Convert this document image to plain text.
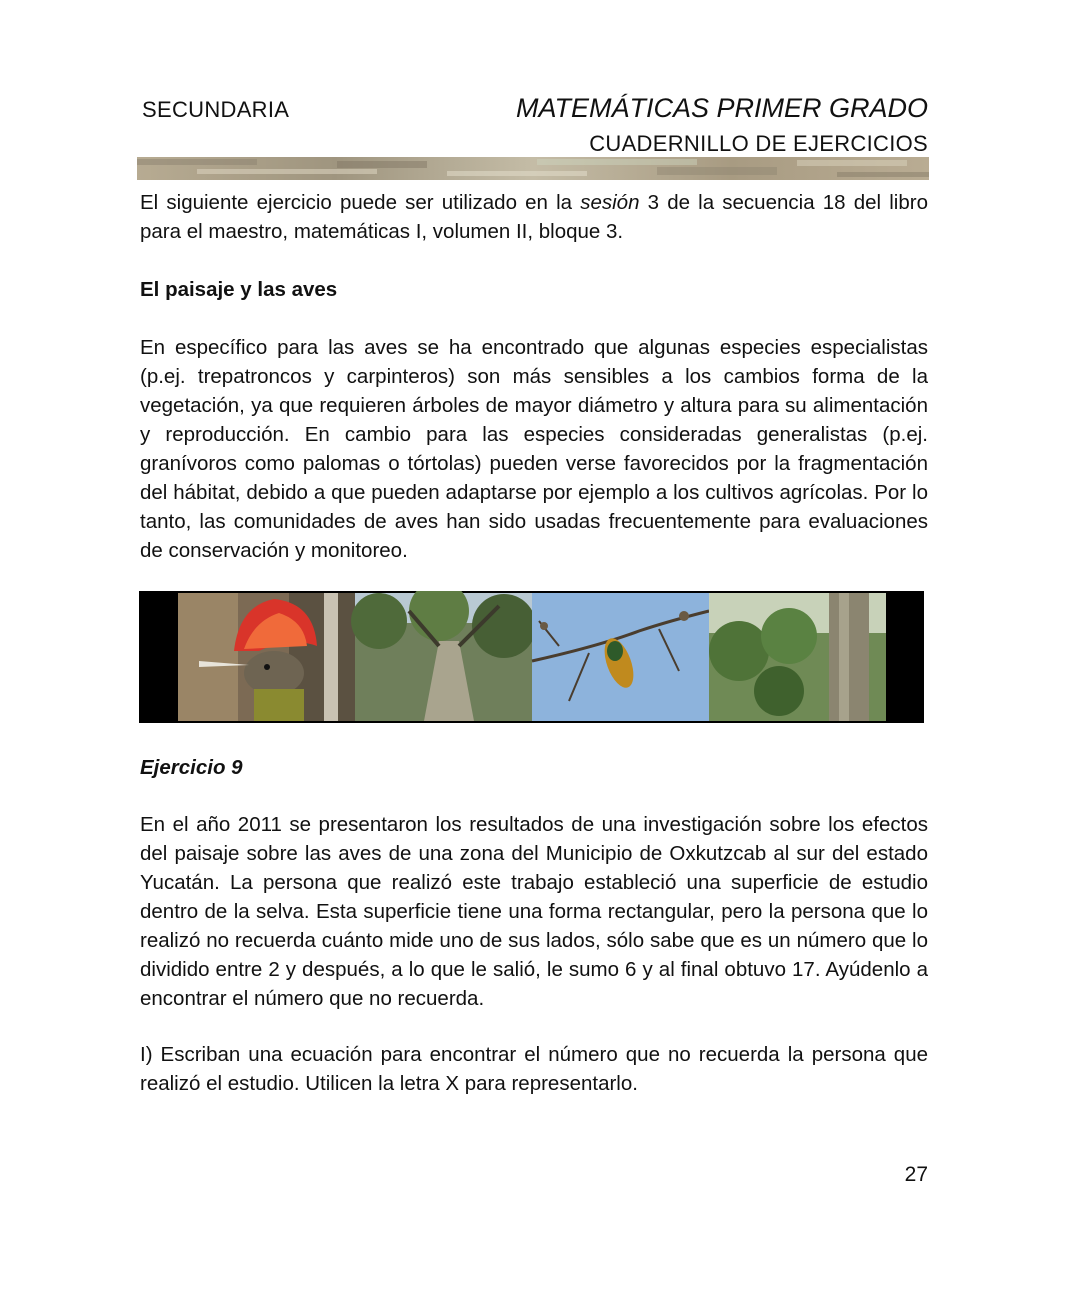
SECUNDARIA	MATEMÁTICAS PRIMER GRADO
CUADERNILLO DE EJERCICIOS
El siguiente ejercicio puede ser utilizado en la sesión 3 de la secuencia 18 del libro para el maestro, matemáticas I, volumen II, bloque 3.
El paisaje y las aves
En específico para las aves se ha encontrado que algunas especies especialistas (p.ej. trepatroncos y carpinteros) son más sensibles a los cambios forma de la vegetación, ya que requieren árboles de mayor diámetro y altura para su alimentación y reproducción. En cambio para las especies consideradas generalistas (p.ej. granívoros como palomas o tórtolas) pueden verse favorecidos por la fragmentación del hábitat, debido a que pueden adaptarse por ejemplo a los cultivos agrícolas. Por lo tanto, las comunidades de aves han sido usadas frecuentemente para evaluaciones de conservación y monitoreo.
Ejercicio 9
En el año 2011 se presentaron los resultados de una investigación sobre los efectos del paisaje sobre las aves de una zona del Municipio de Oxkutzcab al sur del estado Yucatán. La persona que realizó este trabajo estableció una superficie de estudio dentro de la selva. Esta superficie tiene una forma rectangular, pero la persona que lo realizó no recuerda cuánto mide uno de sus lados, sólo sabe que es un número que lo dividido entre 2 y después, a lo que le salió, le sumo 6 y al final obtuvo 17. Ayúdenlo a encontrar el número que no recuerda.
I) Escriban una ecuación para encontrar el número que no recuerda la persona que realizó el estudio. Utilicen la letra X para representarlo.
27
